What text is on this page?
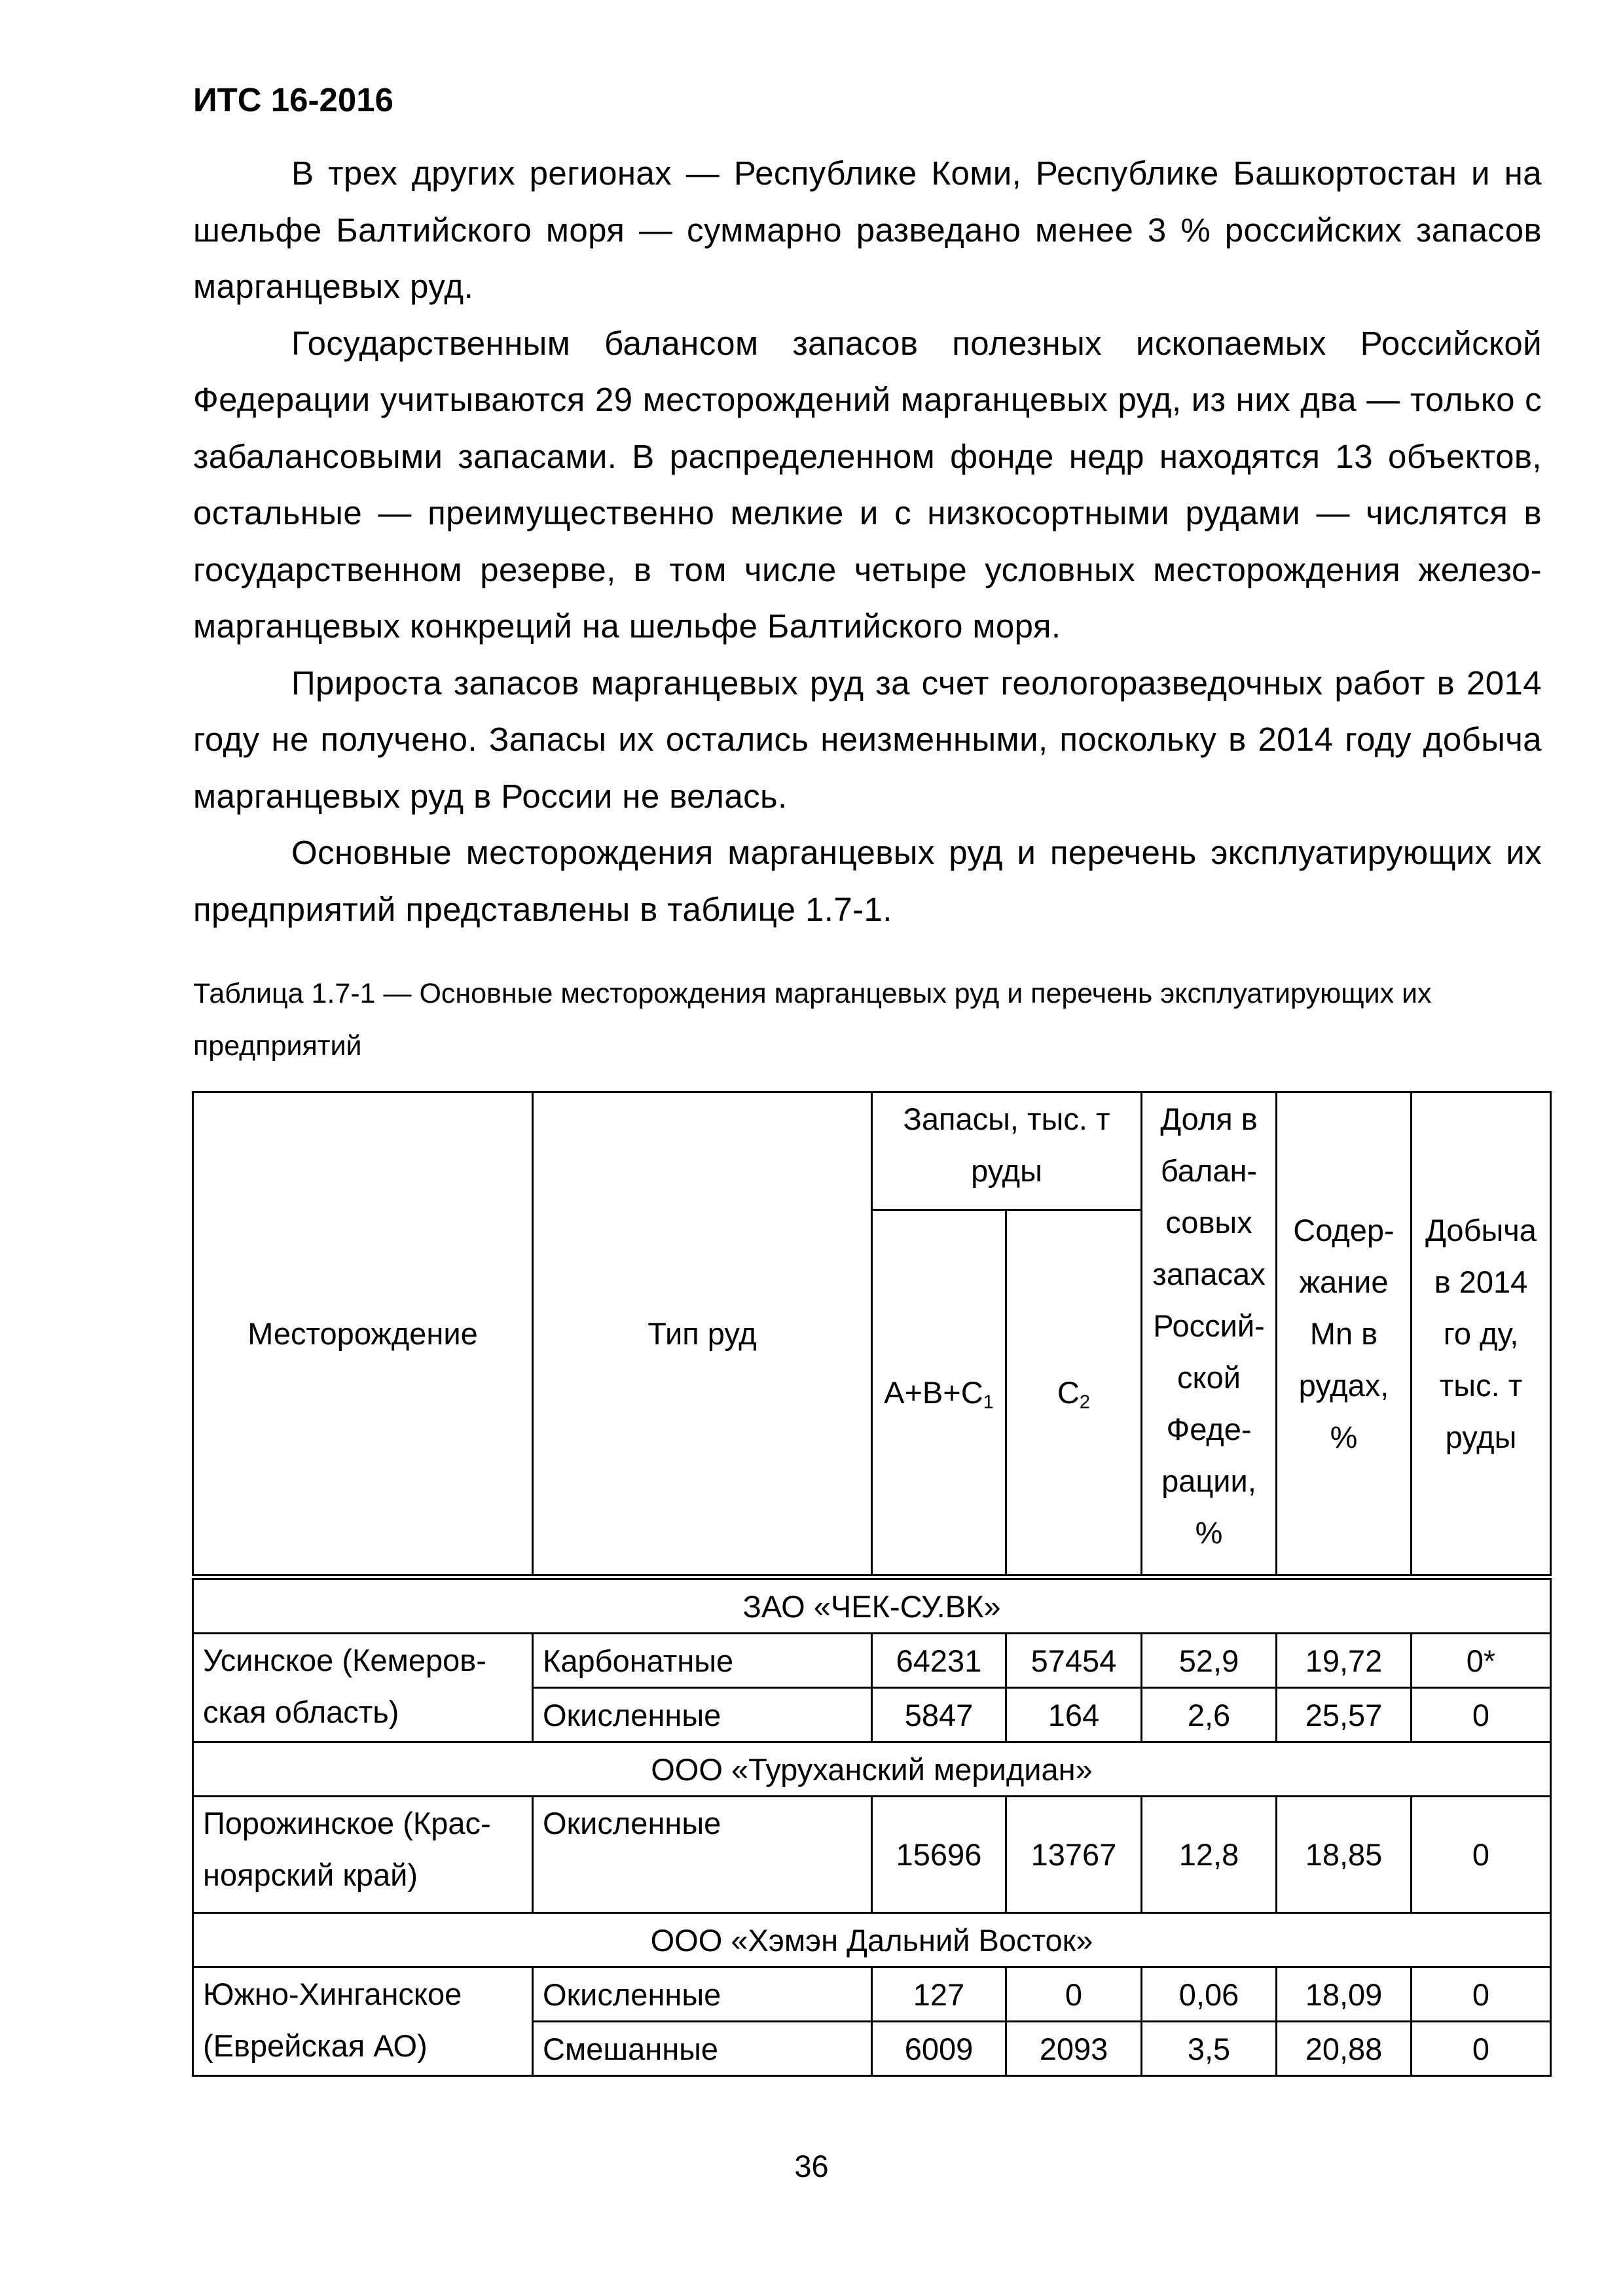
ИТС 16-2016

В трех других регионах — Республике Коми, Республике Башкортостан и на шельфе Балтийского моря — суммарно разведано менее 3 % российских запасов марганцевых руд.

Государственным балансом запасов полезных ископаемых Российской Федерации учитываются 29 месторождений марганцевых руд, из них два — только с забалансовыми запасами. В распределенном фонде недр находятся 13 объектов, остальные — преимущественно мелкие и с низкосортными рудами — числятся в государственном резерве, в том числе четыре условных месторождения железо-марганцевых конкреций на шельфе Балтийского моря.

Прироста запасов марганцевых руд за счет геологоразведочных работ в 2014 году не получено. Запасы их остались неизменными, поскольку в 2014 году добыча марганцевых руд в России не велась.

Основные месторождения марганцевых руд и перечень эксплуатирующих их предприятий представлены в таблице 1.7-1.

Таблица 1.7-1 — Основные месторождения марганцевых руд и перечень эксплуатирующих их предприятий

Месторождение	Тип руд	Запасы, тыс. т руды		Доля в балансовых запасах Российской Федерации, %	Содержание Mn в рудах, %	Добыча в 2014 го ду, тыс. т руды
		$А+В+С_1$	$С_2$
ЗАО «ЧЕК-СУ.ВК»						
Усинское (Кемеровская область)	Карбонатные	64231	57454	52,9	19,72	0*
	Окисленные	5847	164	2,6	25,57	0
ООО «Туруханский меридиан»						
Порожинское (Красноярский край)	Окисленные	15696	13767	12,8	18,85	0
ООО «Хэмэн Дальний Восток»						
Южно-Хинганское (Еврейская АО)	Окисленные	127	0	0,06	18,09	0
	Смешанные	6009	2093	3,5	20,88	0

36
